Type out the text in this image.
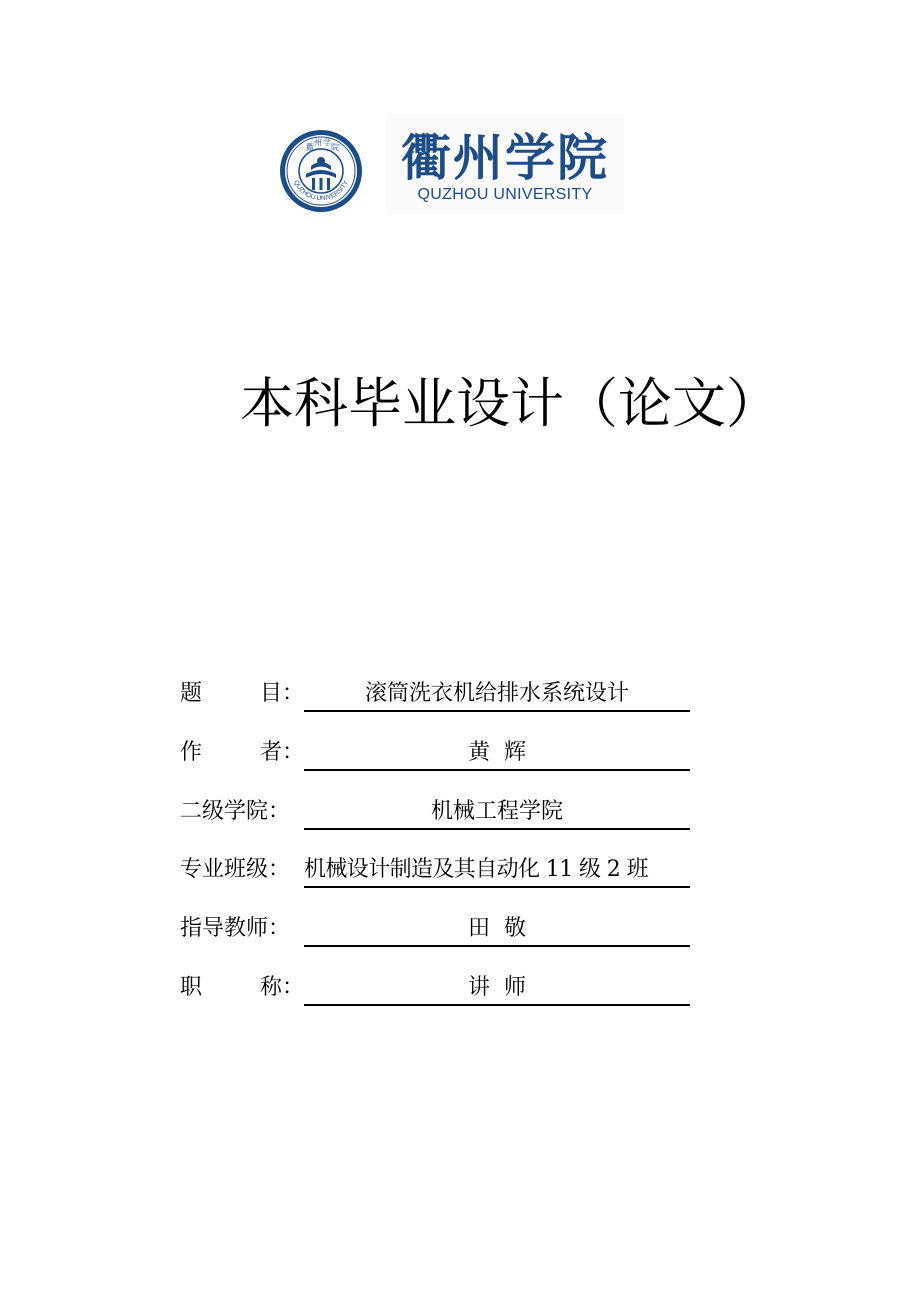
QUZHOU UNIVERSITY
衢
州 学
院	衢州学院
QUZHOU UNIVERSITY
本科毕业设计（论文）
题	目：	滚筒洗衣机给排水系统设计
作	者：	黄  辉
二级学院：	机械工程学院
专业班级： 机械设计制造及其自动化 11 级 2 班
指导教师：	田  敬
职	称：	讲  师
